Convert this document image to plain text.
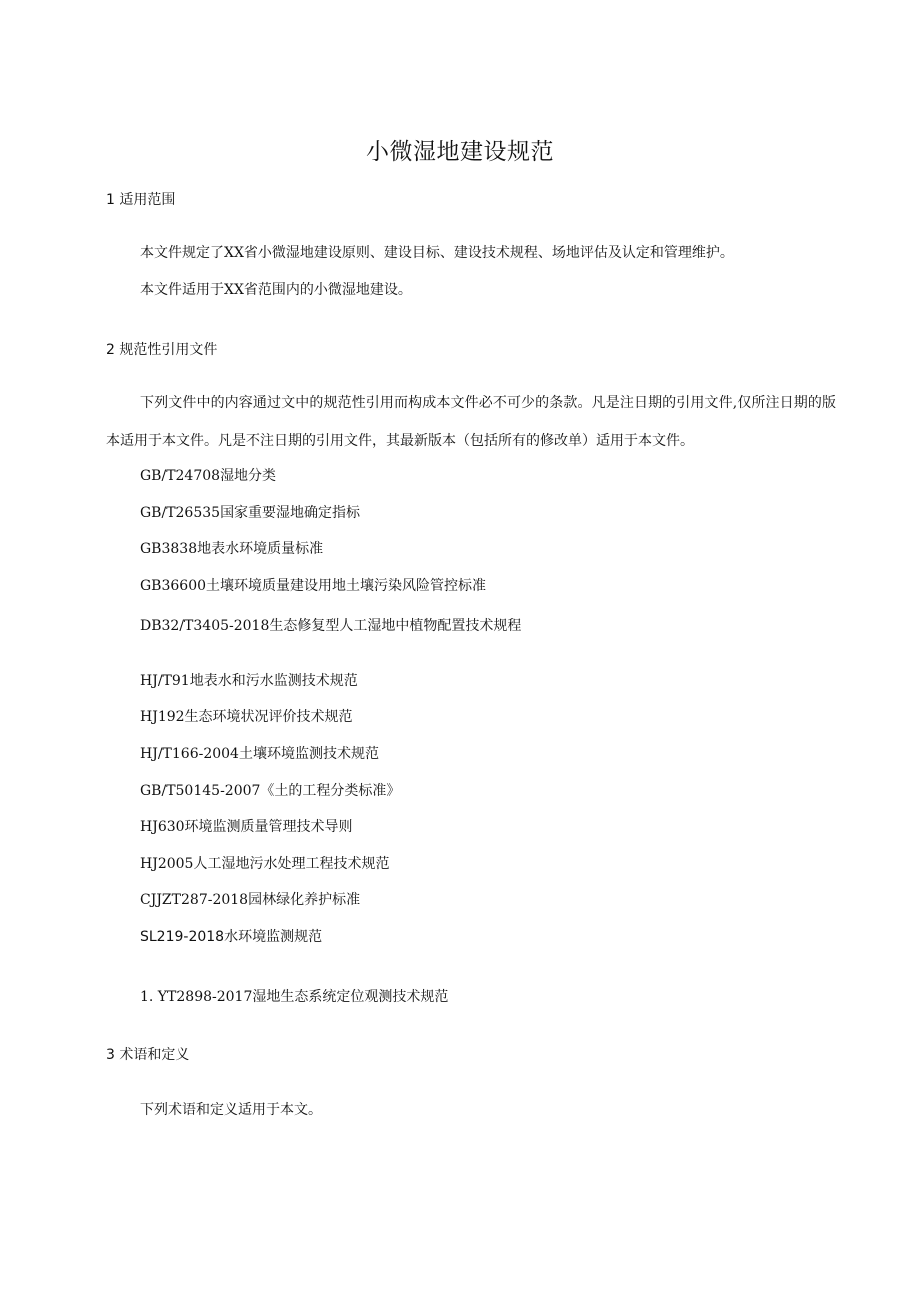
小微湿地建设规范
1 适用范围
本文件规定了XX省小微湿地建设原则、建设目标、建设技术规程、场地评估及认定和管理维护。
本文件适用于XX省范围内的小微湿地建设。
2 规范性引用文件
下列文件中的内容通过文中的规范性引用而构成本文件必不可少的条款。凡是注日期的引用文件,仅所注日期的版本适用于本文件。凡是不注日期的引用文件，其最新版本（包括所有的修改单）适用于本文件。
GB/T24708湿地分类
GB/T26535国家重要湿地确定指标
GB3838地表水环境质量标准
GB36600土壤环境质量建设用地土壤污染风险管控标准
DB32/T3405-2018生态修复型人工湿地中植物配置技术规程
HJ/T91地表水和污水监测技术规范
HJ192生态环境状况评价技术规范
HJ/T166-2004土壤环境监测技术规范
GB/T50145-2007《土的工程分类标准》
HJ630环境监测质量管理技术导则
HJ2005人工湿地污水处理工程技术规范
CJJZT287-2018园林绿化养护标准
SL219-2018水环境监测规范
1. YT2898-2017湿地生态系统定位观测技术规范
3 术语和定义
下列术语和定义适用于本文。
